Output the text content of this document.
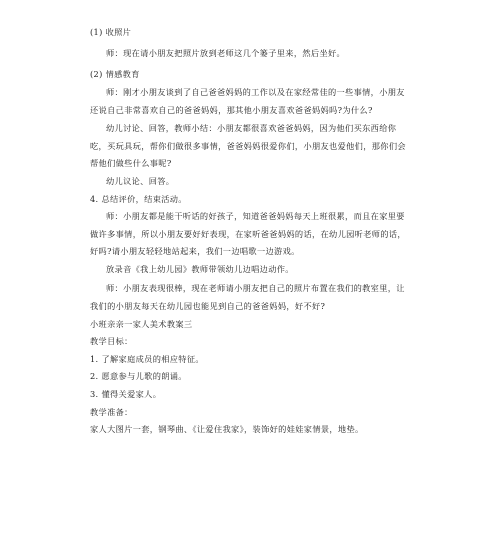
(1) 收照片

师：现在请小朋友把照片放到老师这几个篓子里来，然后坐好。

(2) 情感教育

师：刚才小朋友谈到了自己爸爸妈妈的工作以及在家经常佳的一些事情，小朋友还说自己非常喜欢自己的爸爸妈妈，那其他小朋友喜欢爸爸妈妈吗?为什么?

幼儿讨论、回答，教师小结：小朋友都很喜欢爸爸妈妈，因为他们买东西给你吃，买玩具玩，帮你们做很多事情，爸爸妈妈很爱你们，小朋友也爱他们，那你们会帮他们做些什么事呢?

幼儿议论、回答。

4. 总结评价，结束活动。

师：小朋友都是能干听话的好孩子，知道爸爸妈妈每天上班很累，而且在家里要做许多事情，所以小朋友要好好表现，在家听爸爸妈妈的话，在幼儿园听老师的话，好吗?请小朋友轻轻地站起来，我们一边唱歌一边游戏。

放录音《我上幼儿园》教师带领幼儿边唱边动作。

师：小朋友表现很棒，现在老师请小朋友把自己的照片布置在我们的教室里，让我们的小朋友每天在幼儿园也能见到自己的爸爸妈妈，好不好?

小班亲亲一家人美术教案三

教学目标：

1. 了解家庭成员的相应特征。

2. 愿意参与儿歌的朗诵。

3. 懂得关爱家人。

教学准备：

家人大图片一套，钢琴曲、《让爱住我家》，装饰好的娃娃家情景，地垫。
